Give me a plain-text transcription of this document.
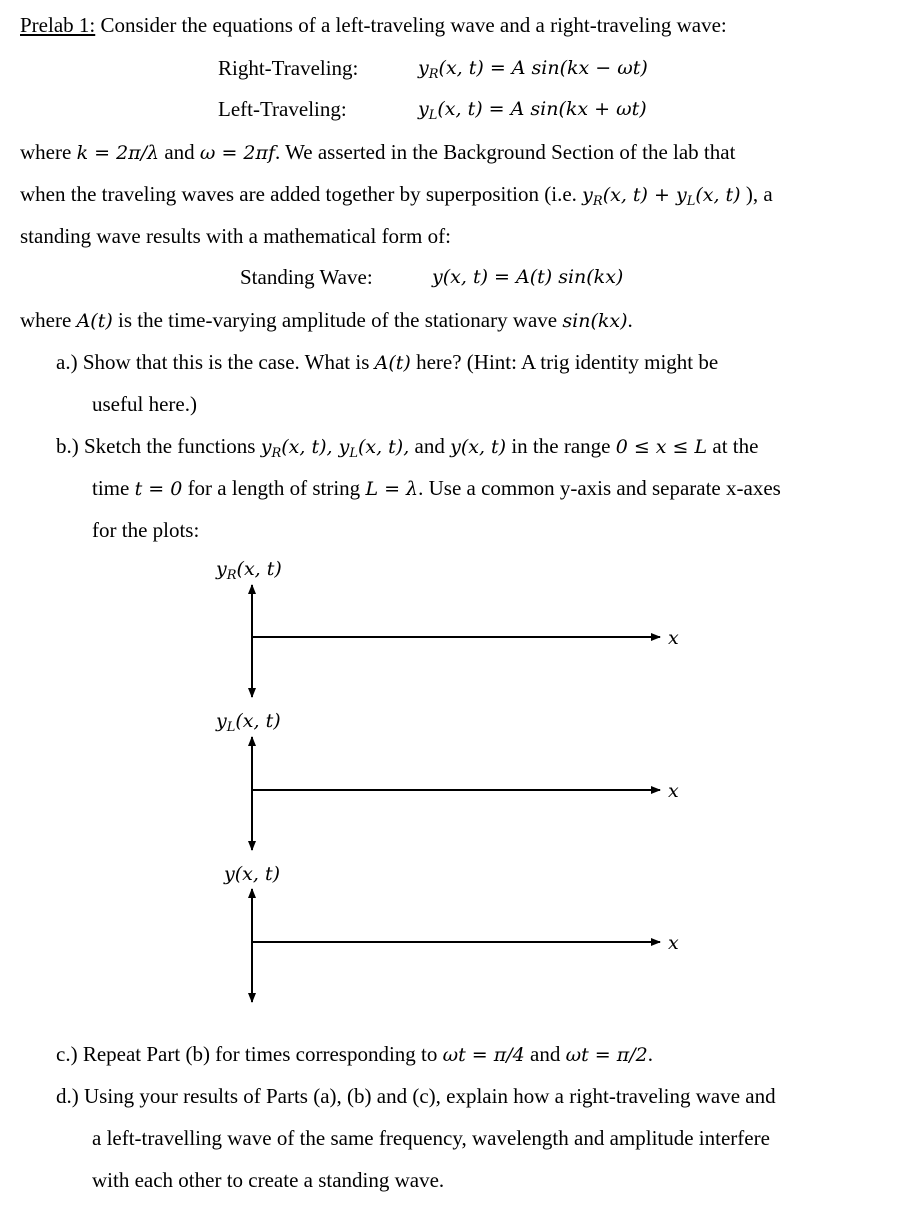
Prelab 1: Consider the equations of a left-traveling wave and a right-traveling wave:
Right-Traveling:	$y_R(x$, t) = A sin(kx − ωt)
Left-Traveling:	$y_L(x$, t) = A sin(kx + ωt)
where k = 2π/λ and ω = 2πf. We asserted in the Background Section of the lab that
when the traveling waves are added together by superposition (i.e. $y_R(x$, $t) + y_L(x$, t) ), a
standing wave results with a mathematical form of:
Standing Wave:	y(x, t) = A(t) sin(kx)
where A(t) is the time-varying amplitude of the stationary wave sin(kx).
a.) Show that this is the case. What is A(t) here? (Hint: A trig identity might be
useful here.)
b.) Sketch the functions $y_R(x$, t), $y_L(x$, t), and y(x, t) in the range 0 ≤ x ≤ L at the
time t = 0 for a length of string L = λ. Use a common y-axis and separate x-axes
for the plots:
$y_R(x$, t)
$y_L(x$, t)
y(x, t)
x
x
x
c.) Repeat Part (b) for times corresponding to ωt = π/4 and ωt = π/2.
d.) Using your results of Parts (a), (b) and (c), explain how a right-traveling wave and
a left-travelling wave of the same frequency, wavelength and amplitude interfere
with each other to create a standing wave.
